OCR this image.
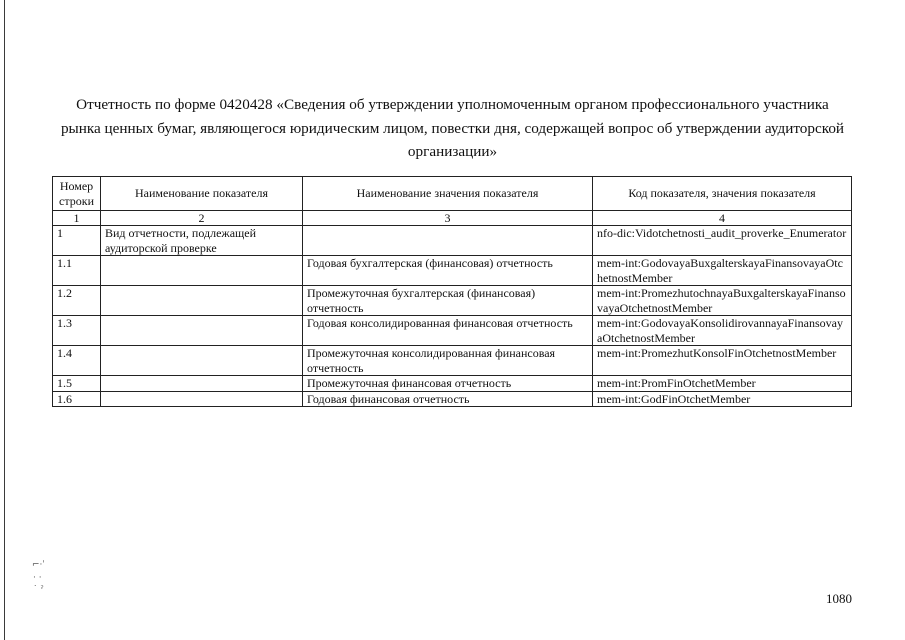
Отчетность по форме 0420428 «Сведения об утверждении уполномоченным органом профессионального участника
рынка ценных бумаг, являющегося юридическим лицом, повестки дня, содержащей вопрос об утверждении аудиторской
организации»
Номер строки	Наименование показателя	Наименование значения показателя	Код показателя, значения показателя
1	2	3	4
1	Вид отчетности, подлежащей аудиторской проверке		nfo-dic:Vidotchetnosti_audit_proverke_Enumerator
1.1		Годовая бухгалтерская (финансовая) отчетность	mem-int:GodovayaBuxgalterskayaFinansovayaOtchetnostMember
1.2		Промежуточная бухгалтерская (финансовая) отчетность	mem-int:PromezhutochnayaBuxgalterskayaFinansovayaOtchetnostMember
1.3		Годовая консолидированная финансовая отчетность	mem-int:GodovayaKonsolidirovannayaFinansovayaOtchetnostMember
1.4		Промежуточная консолидированная финансовая отчетность	mem-int:PromezhutKonsolFinOtchetnostMember
1.5		Промежуточная финансовая отчетность	mem-int:PromFinOtchetMember
1.6		Годовая финансовая отчетность	mem-int:GodFinOtchetMember
⌐·ˈ
· ·
˙ ˀ
1080
